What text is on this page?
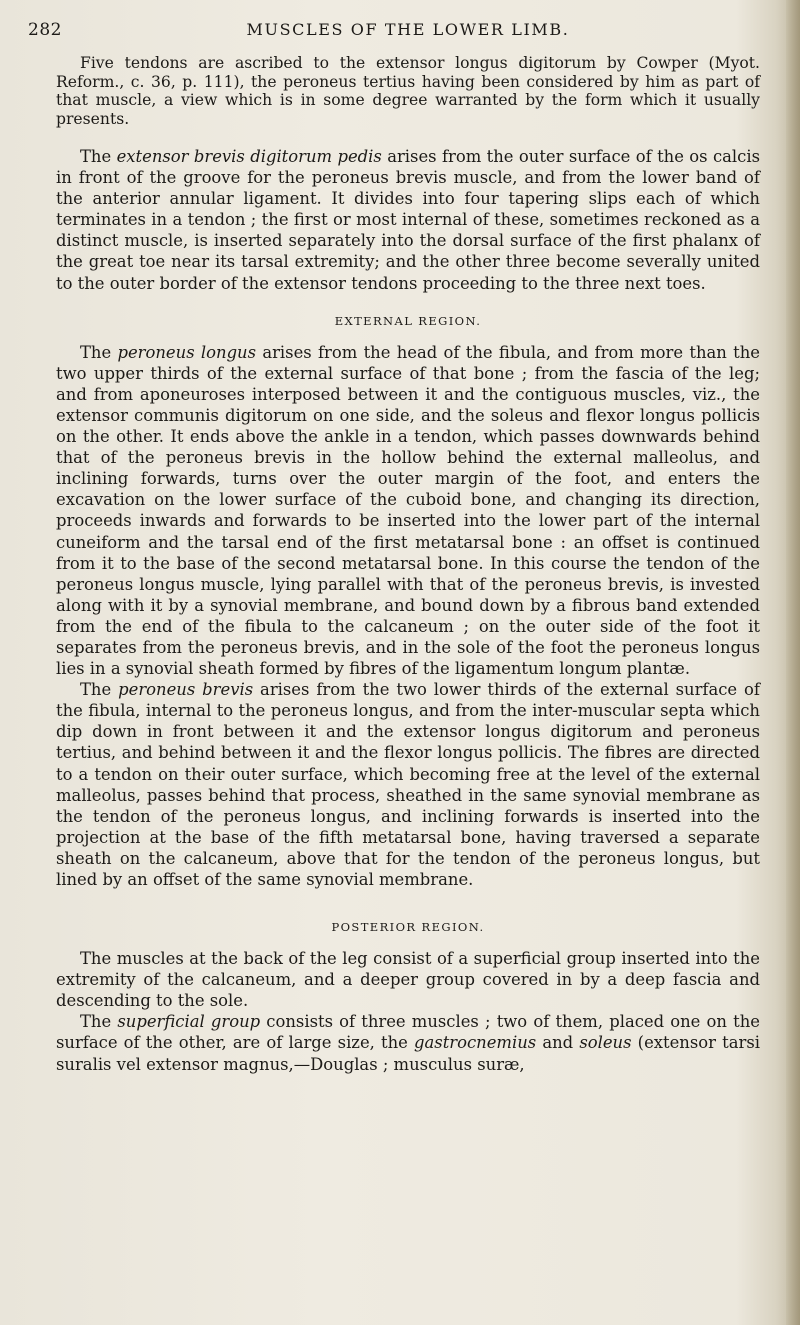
282	MUSCLES OF THE LOWER LIMB.

Five tendons are ascribed to the extensor longus digitorum by Cowper (Myot. Reform., c. 36, p. 111), the peroneus tertius having been considered by him as part of that muscle, a view which is in some degree warranted by the form which it usually presents.

The extensor brevis digitorum pedis arises from the outer surface of the os calcis in front of the groove for the peroneus brevis muscle, and from the lower band of the anterior annular ligament. It divides into four tapering slips each of which terminates in a tendon ; the first or most internal of these, sometimes reckoned as a distinct muscle, is inserted separately into the dorsal surface of the first phalanx of the great toe near its tarsal extremity; and the other three become severally united to the outer border of the extensor tendons proceeding to the three next toes.

EXTERNAL REGION.

The peroneus longus arises from the head of the fibula, and from more than the two upper thirds of the external surface of that bone ; from the fascia of the leg; and from aponeuroses interposed between it and the contiguous muscles, viz., the extensor communis digitorum on one side, and the soleus and flexor longus pollicis on the other. It ends above the ankle in a tendon, which passes downwards behind that of the peroneus brevis in the hollow behind the external malleolus, and inclining forwards, turns over the outer margin of the foot, and enters the excavation on the lower surface of the cuboid bone, and changing its direction, proceeds inwards and forwards to be inserted into the lower part of the internal cuneiform and the tarsal end of the first metatarsal bone : an offset is continued from it to the base of the second metatarsal bone. In this course the tendon of the peroneus longus muscle, lying parallel with that of the peroneus brevis, is invested along with it by a synovial membrane, and bound down by a fibrous band extended from the end of the fibula to the calcaneum ; on the outer side of the foot it separates from the peroneus brevis, and in the sole of the foot the peroneus longus lies in a synovial sheath formed by fibres of the ligamentum longum plantæ.

The peroneus brevis arises from the two lower thirds of the external surface of the fibula, internal to the peroneus longus, and from the inter-muscular septa which dip down in front between it and the extensor longus digitorum and peroneus tertius, and behind between it and the flexor longus pollicis. The fibres are directed to a tendon on their outer surface, which becoming free at the level of the external malleolus, passes behind that process, sheathed in the same synovial membrane as the tendon of the peroneus longus, and inclining forwards is inserted into the projection at the base of the fifth metatarsal bone, having traversed a separate sheath on the calcaneum, above that for the tendon of the peroneus longus, but lined by an offset of the same synovial membrane.

POSTERIOR REGION.

The muscles at the back of the leg consist of a superficial group inserted into the extremity of the calcaneum, and a deeper group covered in by a deep fascia and descending to the sole.

The superficial group consists of three muscles ; two of them, placed one on the surface of the other, are of large size, the gastrocnemius and soleus (extensor tarsi suralis vel extensor magnus,—Douglas ; musculus suræ,
